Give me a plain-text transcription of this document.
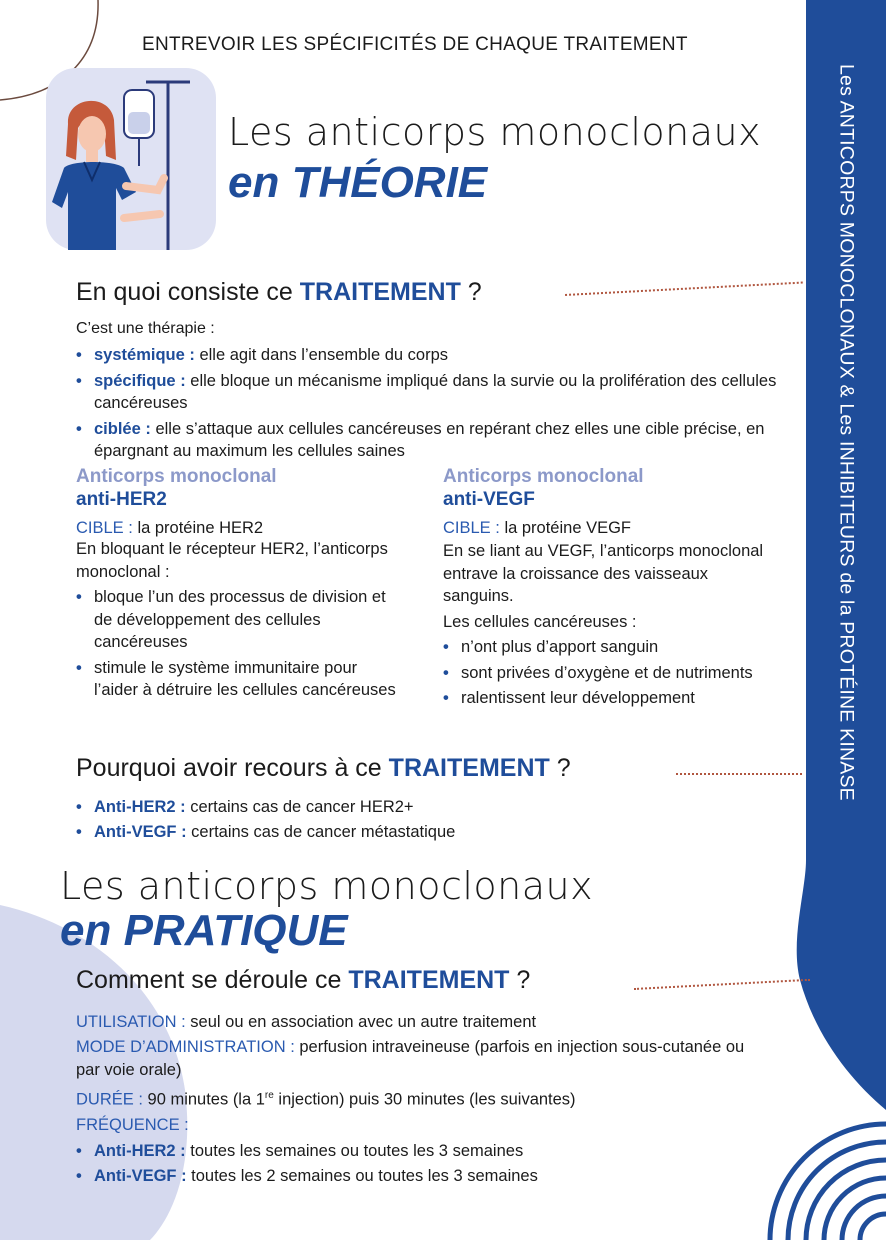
Les ANTICORPS MONOCLONAUX & Les INHIBITEURS de la PROTÉINE KINASE
ENTREVOIR LES SPÉCIFICITÉS DE CHAQUE TRAITEMENT
Les anticorps monoclonaux
en THÉORIE
En quoi consiste ce TRAITEMENT ?
C’est une thérapie :
• systémique : elle agit dans l’ensemble du corps
• spécifique : elle bloque un mécanisme impliqué dans la survie ou la prolifération des cellules cancéreuses
• ciblée : elle s’attaque aux cellules cancéreuses en repérant chez elles une cible précise, en épargnant au maximum les cellules saines
Anticorps monoclonal
anti-HER2
CIBLE : la protéine HER2
En bloquant le récepteur HER2, l’anticorps monoclonal :
• bloque l’un des processus de division et de développement des cellules cancéreuses
• stimule le système immunitaire pour l’aider à détruire les cellules cancéreuses
Anticorps monoclonal
anti-VEGF
CIBLE : la protéine VEGF
En se liant au VEGF, l’anticorps monoclonal entrave la croissance des vaisseaux sanguins.
Les cellules cancéreuses :
• n’ont plus d’apport sanguin
• sont privées d’oxygène et de nutriments
• ralentissent leur développement
Pourquoi avoir recours à ce TRAITEMENT ?
• Anti-HER2 : certains cas de cancer HER2+
• Anti-VEGF : certains cas de cancer métastatique
Les anticorps monoclonaux
en PRATIQUE
Comment se déroule ce TRAITEMENT ?
UTILISATION : seul ou en association avec un autre traitement
MODE D’ADMINISTRATION : perfusion intraveineuse (parfois en injection sous-cutanée ou par voie orale)
DURÉE : 90 minutes (la 1re injection) puis 30 minutes (les suivantes)
FRÉQUENCE :
• Anti-HER2 : toutes les semaines ou toutes les 3 semaines
• Anti-VEGF : toutes les 2 semaines ou toutes les 3 semaines
